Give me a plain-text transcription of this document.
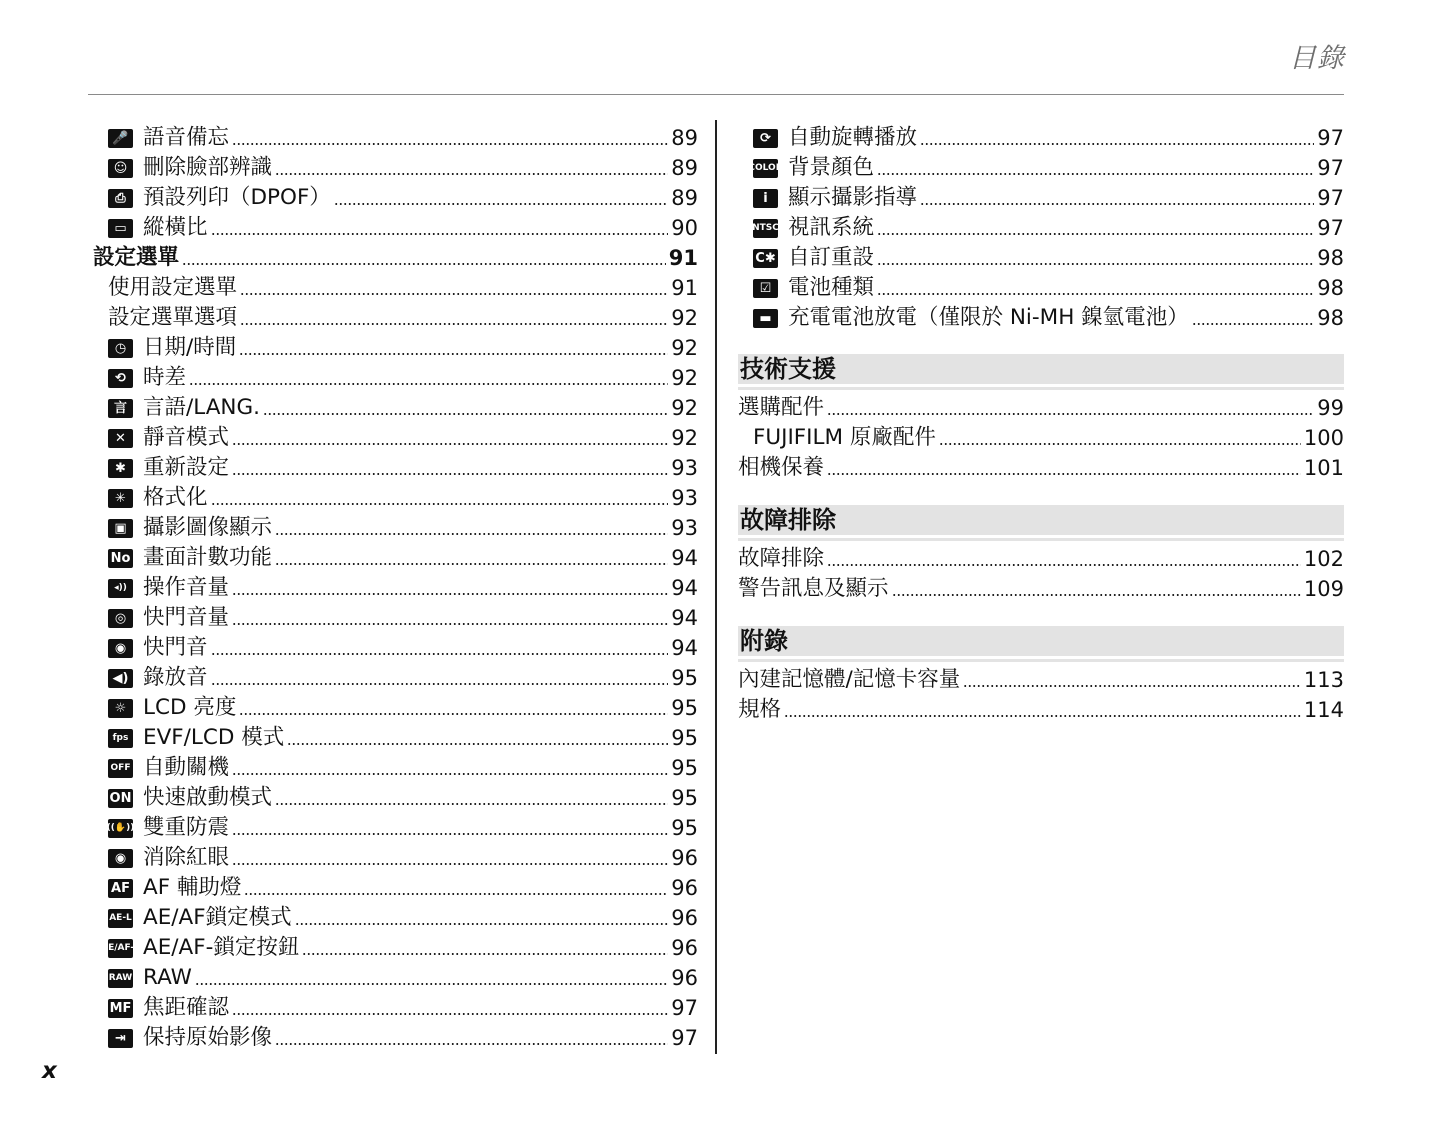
目錄
🎤 語音備忘	89
☺ 刪除臉部辨識	89
⎙ 預設列印（DPOF）	89
▭ 縱橫比	90
設定選單	91
使用設定選單	91
設定選單選項	92
◷ 日期/時間	92
⟲ 時差	92
言 言語/LANG.	92
✕ 靜音模式	92
✱ 重新設定	93
✳ 格式化	93
▣ 攝影圖像顯示	93
No 畫面計數功能	94
◂)) 操作音量	94
◎ 快門音量	94
◉ 快門音	94
◀) 錄放音	95
☼ LCD 亮度	95
fps EVF/LCD 模式	95
OFF 自動關機	95
ON 快速啟動模式	95
((✋)) 雙重防震	95
◉ 消除紅眼	96
AF AF 輔助燈	96
AE-L AE/AF鎖定模式	96
AE/AF-L AE/AF-鎖定按鈕	96
RAW RAW	96
MF 焦距確認	97
⇥ 保持原始影像	97
⟳ 自動旋轉播放	97
COLOR 背景顏色	97
i 顯示攝影指導	97
NTSC 視訊系統	97
C✱ 自訂重設	98
☑ 電池種類	98
▬ 充電電池放電（僅限於 Ni-MH 鎳氫電池）	98
技術支援
選購配件	99
FUJIFILM 原廠配件	100
相機保養	101
故障排除
故障排除	102
警告訊息及顯示	109
附錄
內建記憶體/記憶卡容量	113
規格	114
x
